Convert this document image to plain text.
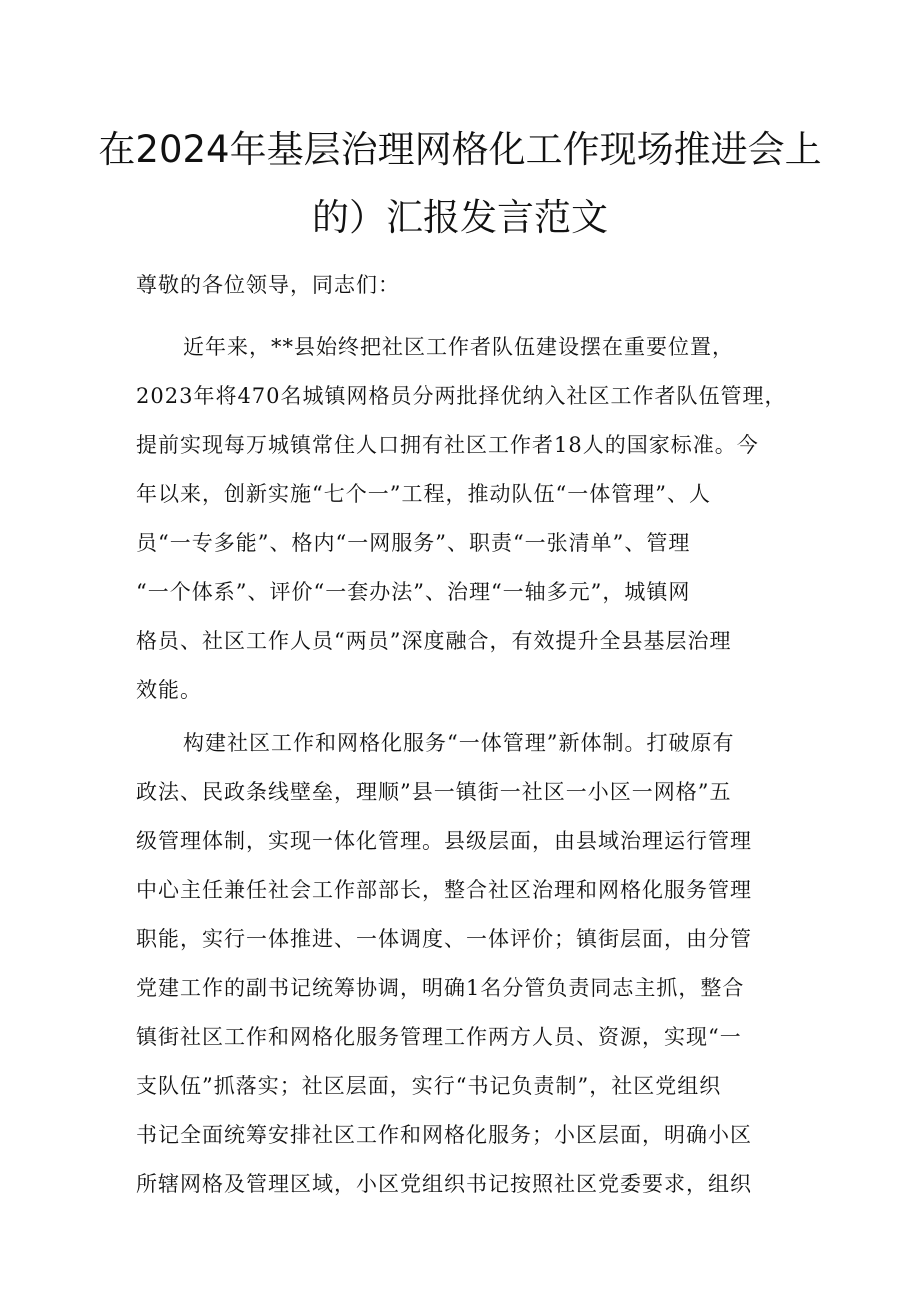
在2024年基层治理网格化工作现场推进会上
的）汇报发言范文
尊敬的各位领导，同志们：
近年来，**县始终把社区工作者队伍建设摆在重要位置，
2023年将470名城镇网格员分两批择优纳入社区工作者队伍管理，
提前实现每万城镇常住人口拥有社区工作者18人的国家标准。今
年以来，创新实施“七个一”工程，推动队伍“一体管理”、人
员“一专多能”、格内“一网服务”、职责“一张清单”、管理
“一个体系”、评价“一套办法”、治理“一轴多元”，城镇网
格员、社区工作人员“两员”深度融合，有效提升全县基层治理
效能。
构建社区工作和网格化服务“一体管理”新体制。打破原有
政法、民政条线壁垒，理顺”县一镇街一社区一小区一网格”五
级管理体制，实现一体化管理。县级层面，由县域治理运行管理
中心主任兼任社会工作部部长，整合社区治理和网格化服务管理
职能，实行一体推进、一体调度、一体评价；镇街层面，由分管
党建工作的副书记统筹协调，明确1名分管负责同志主抓，整合
镇街社区工作和网格化服务管理工作两方人员、资源，实现“一
支队伍”抓落实；社区层面，实行“书记负责制”，社区党组织
书记全面统筹安排社区工作和网格化服务；小区层面，明确小区
所辖网格及管理区域，小区党组织书记按照社区党委要求，组织
